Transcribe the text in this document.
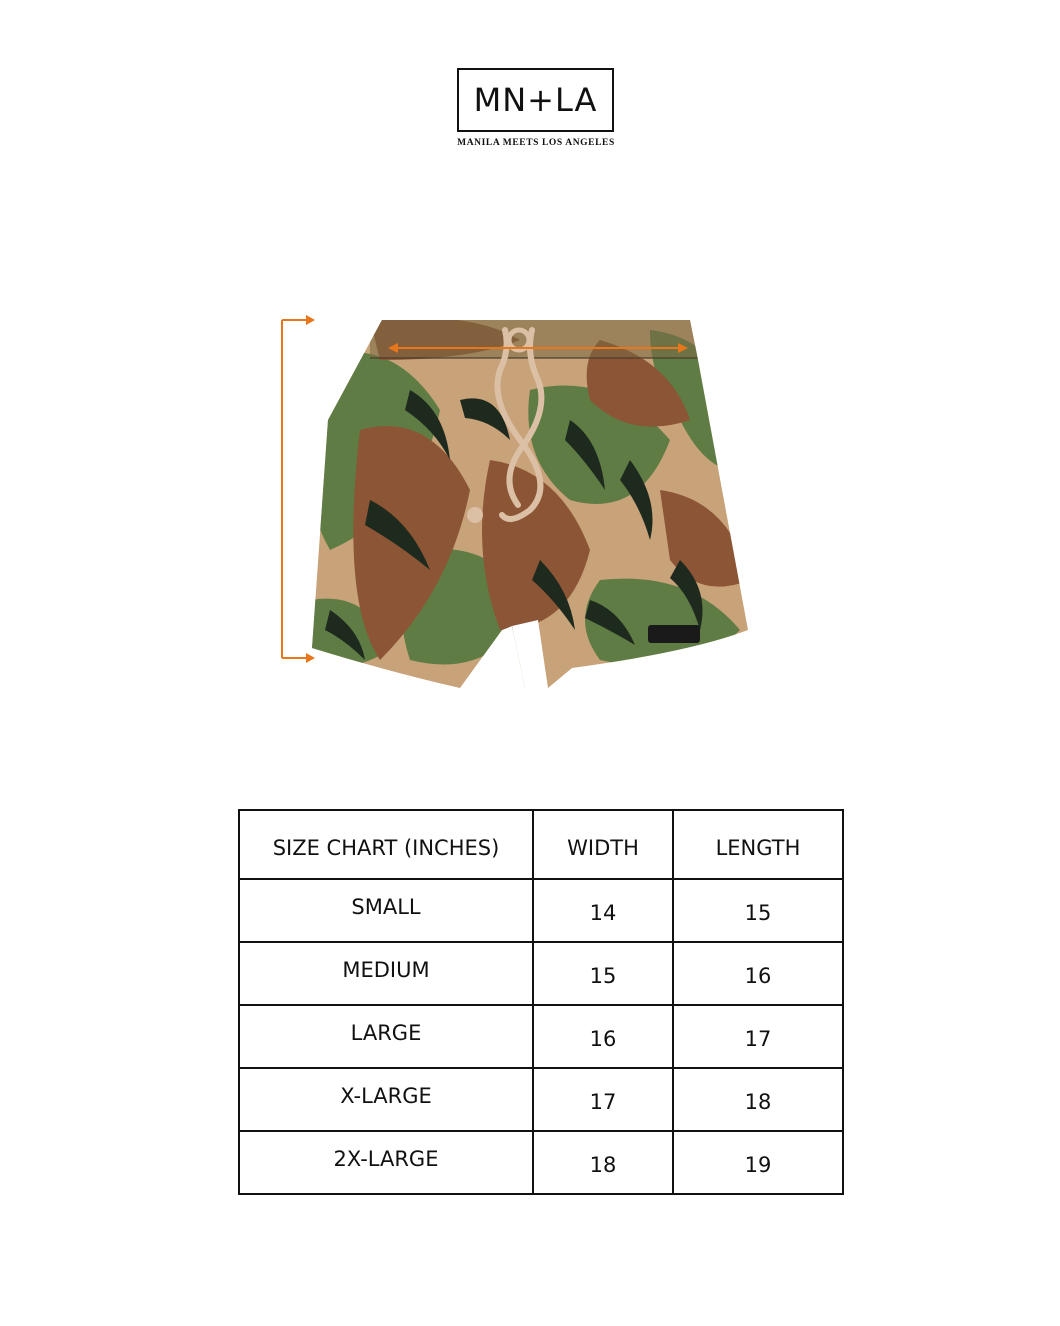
MN+LA
MANILA MEETS LOS ANGELES
SIZE CHART (INCHES)	WIDTH	LENGTH
SMALL	14	15
MEDIUM	15	16
LARGE	16	17
X-LARGE	17	18
2X-LARGE	18	19
